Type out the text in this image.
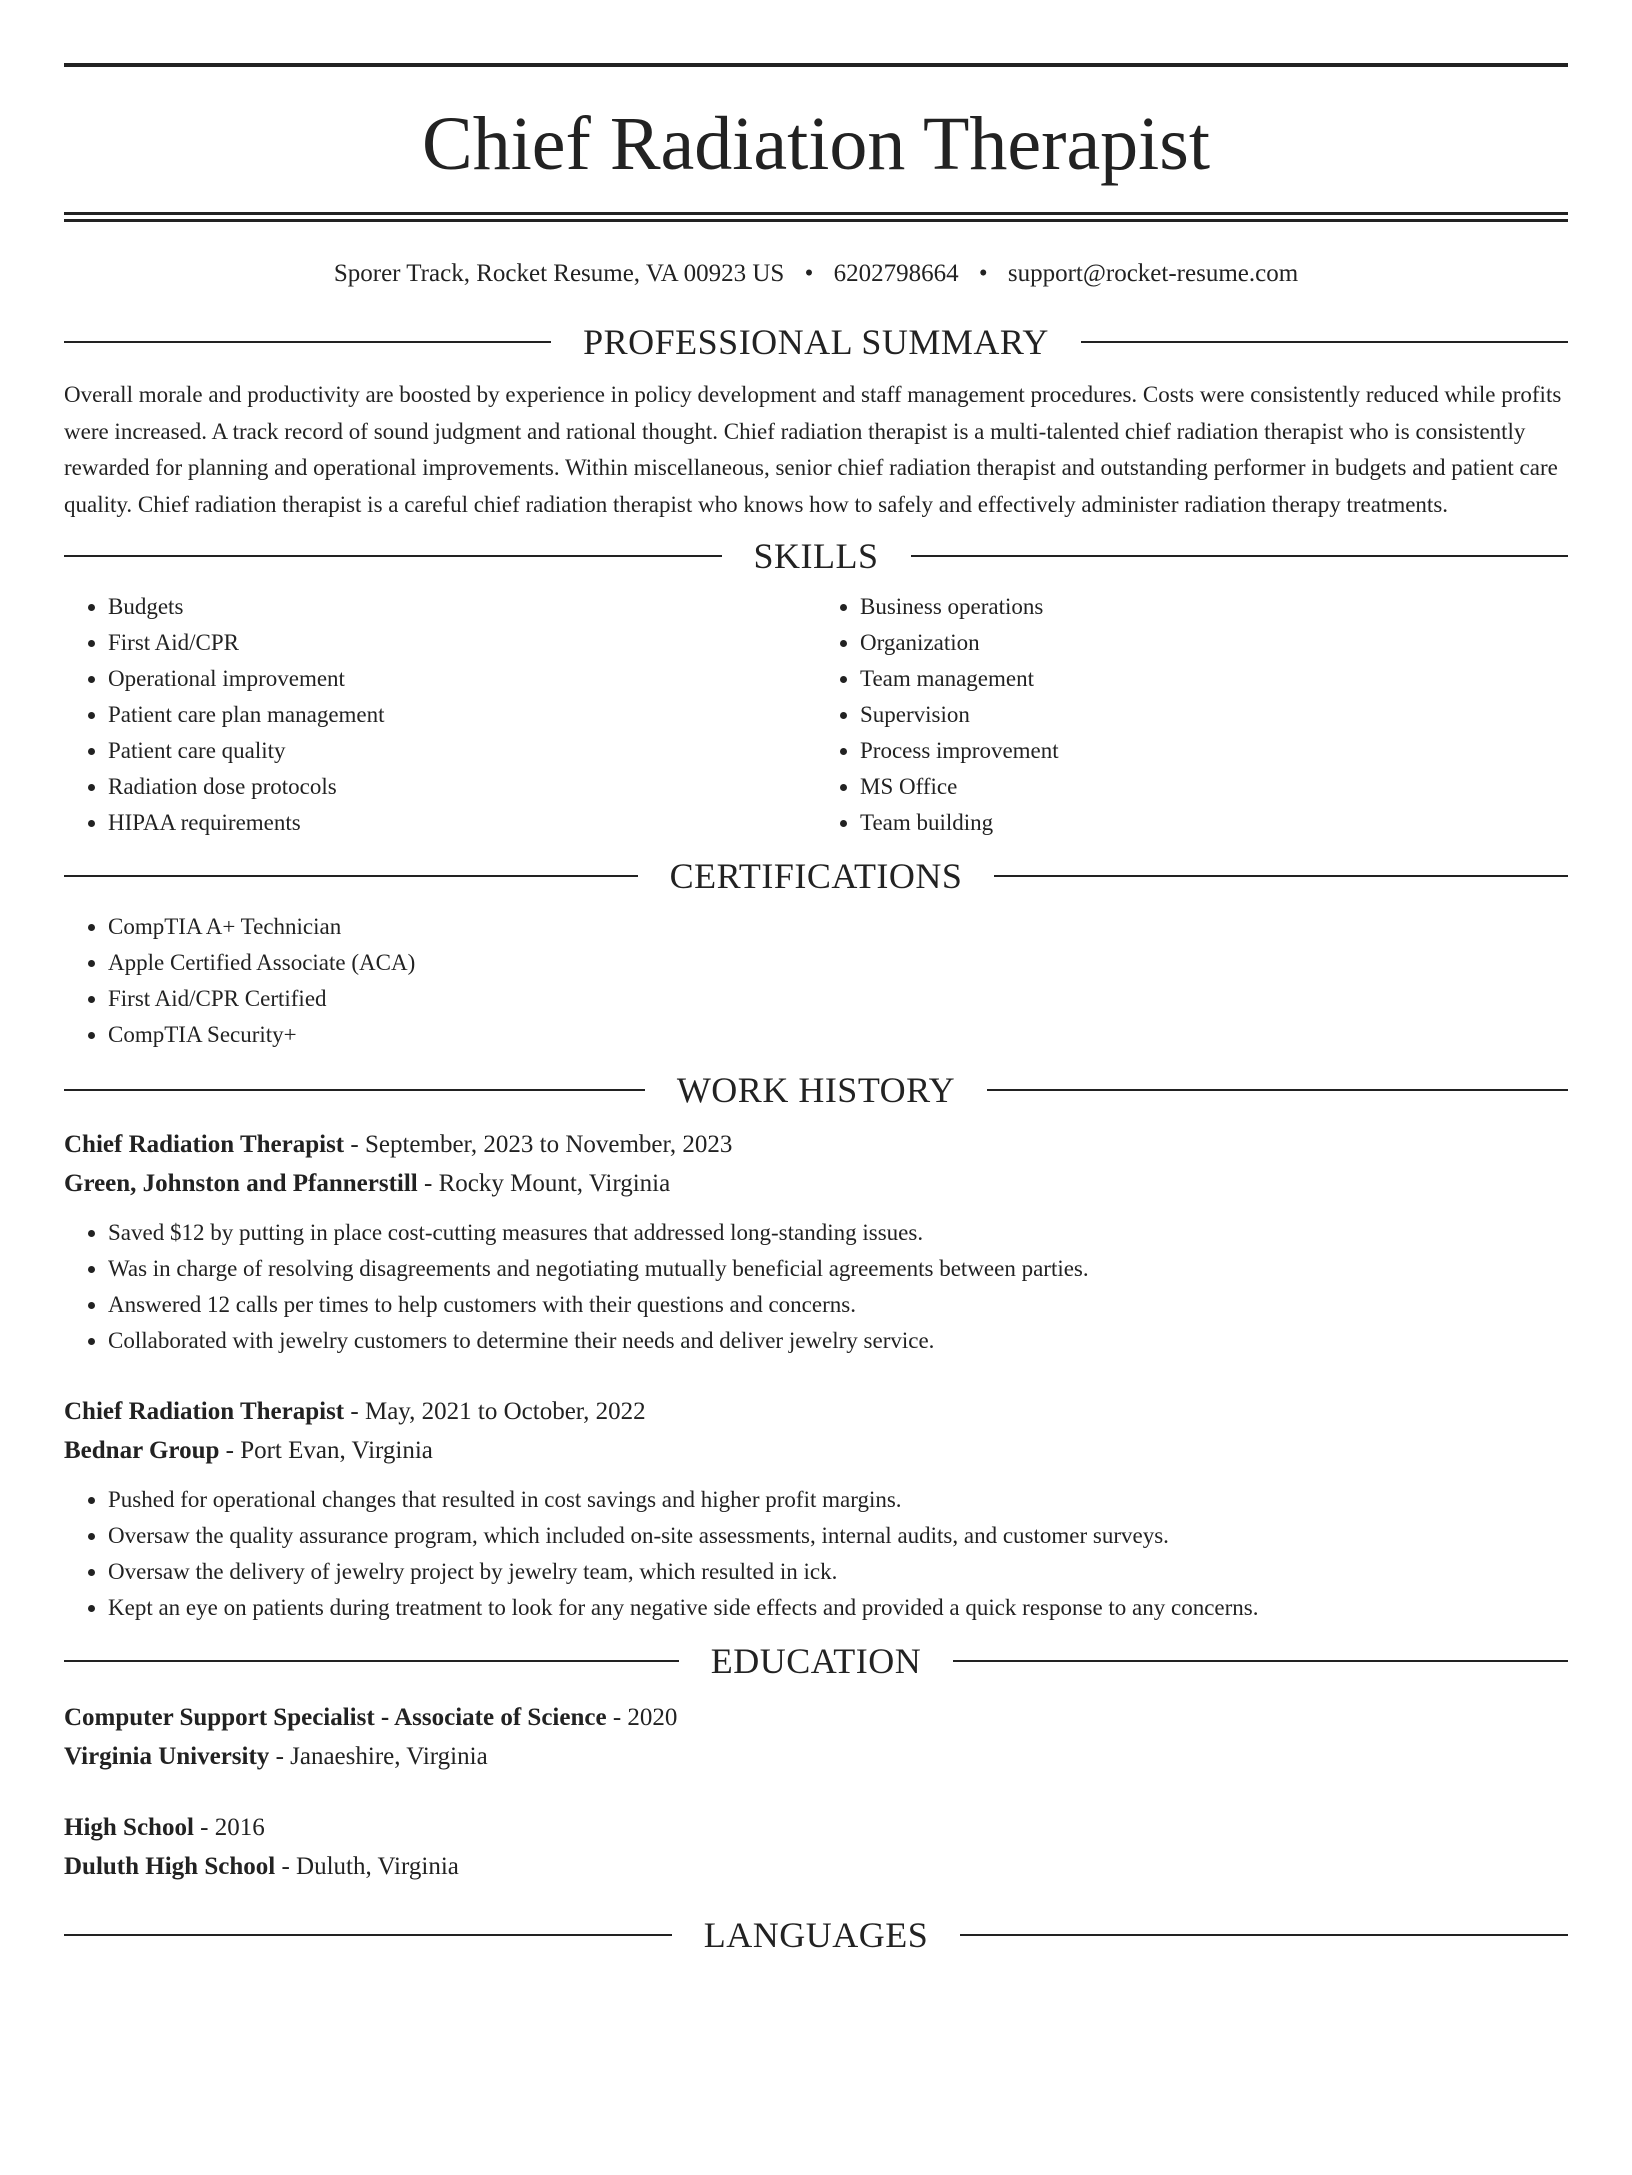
Chief Radiation Therapist
Sporer Track, Rocket Resume, VA 00923 US • 6202798664 • support@rocket-resume.com
PROFESSIONAL SUMMARY

Overall morale and productivity are boosted by experience in policy development and staff management procedures. Costs were consistently reduced while profits were increased. A track record of sound judgment and rational thought. Chief radiation therapist is a multi-talented chief radiation therapist who is consistently rewarded for planning and operational improvements. Within miscellaneous, senior chief radiation therapist and outstanding performer in budgets and patient care quality. Chief radiation therapist is a careful chief radiation therapist who knows how to safely and effectively administer radiation therapy treatments.

SKILLS
• Budgets
• First Aid/CPR
• Operational improvement
• Patient care plan management
• Patient care quality
• Radiation dose protocols
• HIPAA requirements
• Business operations
• Organization
• Team management
• Supervision
• Process improvement
• MS Office
• Team building
CERTIFICATIONS
• CompTIA A+ Technician
• Apple Certified Associate (ACA)
• First Aid/CPR Certified
• CompTIA Security+
WORK HISTORY
Chief Radiation Therapist - September, 2023 to November, 2023
Green, Johnston and Pfannerstill - Rocky Mount, Virginia
• Saved $12 by putting in place cost-cutting measures that addressed long-standing issues.
• Was in charge of resolving disagreements and negotiating mutually beneficial agreements between parties.
• Answered 12 calls per times to help customers with their questions and concerns.
• Collaborated with jewelry customers to determine their needs and deliver jewelry service.
Chief Radiation Therapist - May, 2021 to October, 2022
Bednar Group - Port Evan, Virginia
• Pushed for operational changes that resulted in cost savings and higher profit margins.
• Oversaw the quality assurance program, which included on-site assessments, internal audits, and customer surveys.
• Oversaw the delivery of jewelry project by jewelry team, which resulted in ick.
• Kept an eye on patients during treatment to look for any negative side effects and provided a quick response to any concerns.
EDUCATION
Computer Support Specialist - Associate of Science - 2020
Virginia University - Janaeshire, Virginia
High School - 2016
Duluth High School - Duluth, Virginia
LANGUAGES
